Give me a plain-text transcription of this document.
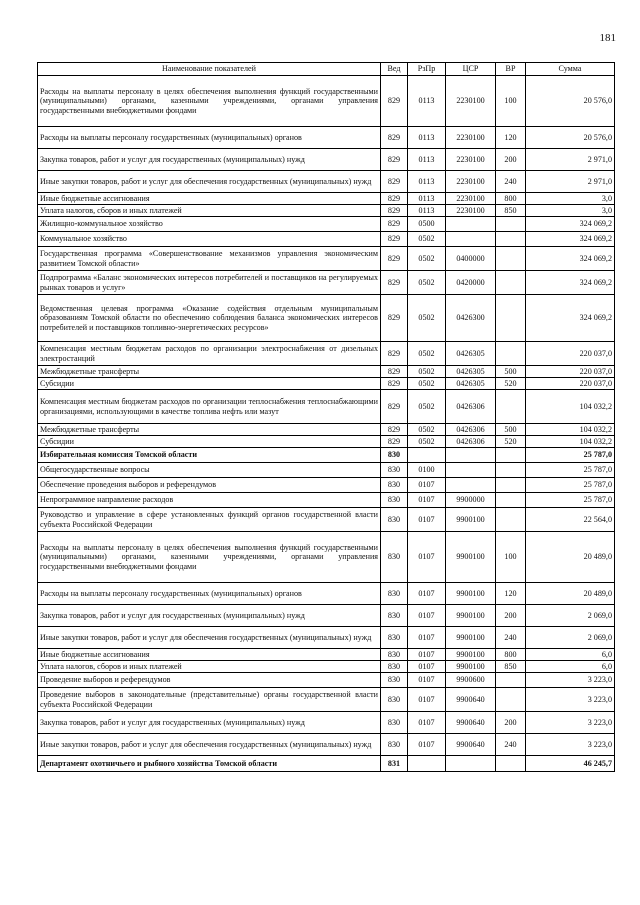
181
Наименование показателей	Вед	РзПр	ЦСР	ВР	Сумма
Расходы на выплаты персоналу в целях обеспечения выполнения функций государственными (муниципальными) органами, казенными учреждениями, органами управления государственными внебюджетными фондами	829	0113	2230100	100	20 576,0
Расходы на выплаты персоналу государственных (муниципальных) органов	829	0113	2230100	120	20 576,0
Закупка товаров, работ и услуг для государственных (муниципальных) нужд	829	0113	2230100	200	2 971,0
Иные закупки товаров, работ и услуг для обеспечения государственных (муниципальных) нужд	829	0113	2230100	240	2 971,0
Иные бюджетные ассигнования	829	0113	2230100	800	3,0
Уплата налогов, сборов и иных платежей	829	0113	2230100	850	3,0
Жилищно-коммунальное хозяйство	829	0500			324 069,2
Коммунальное хозяйство	829	0502			324 069,2
Государственная программа «Совершенствование механизмов управления экономическим развитием Томской области»	829	0502	0400000		324 069,2
Подпрограмма «Баланс экономических интересов потребителей и поставщиков на регулируемых рынках товаров и услуг»	829	0502	0420000		324 069,2
Ведомственная целевая программа «Оказание содействия отдельным муниципальным образованиям Томской области по обеспечению соблюдения баланса экономических интересов потребителей и поставщиков топливно-энергетических ресурсов»	829	0502	0426300		324 069,2
Компенсация местным бюджетам расходов по организации электроснабжения от дизельных электростанций	829	0502	0426305		220 037,0
Межбюджетные трансферты	829	0502	0426305	500	220 037,0
Субсидии	829	0502	0426305	520	220 037,0
Компенсация местным бюджетам расходов по организации теплоснабжения теплоснабжающими организациями, использующими в качестве топлива нефть или мазут	829	0502	0426306		104 032,2
Межбюджетные трансферты	829	0502	0426306	500	104 032,2
Субсидии	829	0502	0426306	520	104 032,2
Избирательная комиссия Томской области	830				25 787,0
Общегосударственные вопросы	830	0100			25 787,0
Обеспечение проведения выборов и референдумов	830	0107			25 787,0
Непрограммное направление расходов	830	0107	9900000		25 787,0
Руководство и управление в сфере установленных функций органов государственной власти субъекта Российской Федерации	830	0107	9900100		22 564,0
Расходы на выплаты персоналу в целях обеспечения выполнения функций государственными (муниципальными) органами, казенными учреждениями, органами управления государственными внебюджетными фондами	830	0107	9900100	100	20 489,0
Расходы на выплаты персоналу государственных (муниципальных) органов	830	0107	9900100	120	20 489,0
Закупка товаров, работ и услуг для государственных (муниципальных) нужд	830	0107	9900100	200	2 069,0
Иные закупки товаров, работ и услуг для обеспечения государственных (муниципальных) нужд	830	0107	9900100	240	2 069,0
Иные бюджетные ассигнования	830	0107	9900100	800	6,0
Уплата налогов, сборов и иных платежей	830	0107	9900100	850	6,0
Проведение выборов и референдумов	830	0107	9900600		3 223,0
Проведение выборов в законодательные (представительные) органы государственной власти субъекта Российской Федерации	830	0107	9900640		3 223,0
Закупка товаров, работ и услуг для государственных (муниципальных) нужд	830	0107	9900640	200	3 223,0
Иные закупки товаров, работ и услуг для обеспечения государственных (муниципальных) нужд	830	0107	9900640	240	3 223,0
Департамент охотничьего и рыбного хозяйства Томской области	831				46 245,7
